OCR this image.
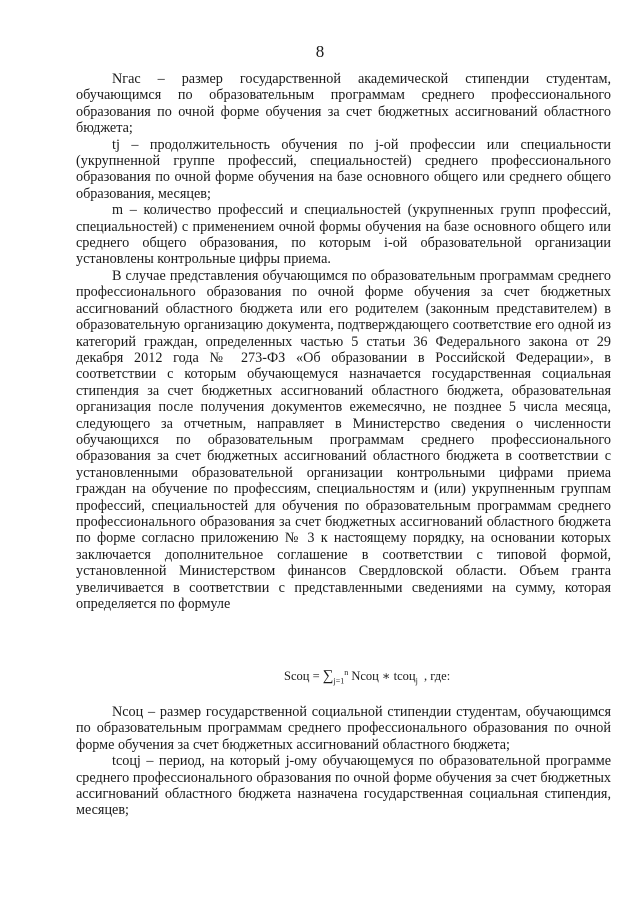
8

Nгас – размер государственной академической стипендии студентам, обучающимся по образовательным программам среднего профессионального образования по очной форме обучения за счет бюджетных ассигнований областного бюджета;

tj – продолжительность обучения по j-ой профессии или специальности (укрупненной группе профессий, специальностей) среднего профессионального образования по очной форме обучения на базе основного общего или среднего общего образования, месяцев;

m – количество профессий и специальностей (укрупненных групп профессий, специальностей) с применением очной формы обучения на базе основного общего или среднего общего образования, по которым i-ой образовательной организации установлены контрольные цифры приема.

В случае представления обучающимся по образовательным программам среднего профессионального образования по очной форме обучения за счет бюджетных ассигнований областного бюджета или его родителем (законным представителем) в образовательную организацию документа, подтверждающего соответствие его одной из категорий граждан, определенных частью 5 статьи 36 Федерального закона от 29 декабря 2012 года № 273-ФЗ «Об образовании в Российской Федерации», в соответствии с которым обучающемуся назначается государственная социальная стипендия за счет бюджетных ассигнований областного бюджета, образовательная организация после получения документов ежемесячно, не позднее 5 числа месяца, следующего за отчетным, направляет в Министерство сведения о численности обучающихся по образовательным программам среднего профессионального образования за счет бюджетных ассигнований областного бюджета в соответствии с установленными образовательной организации контрольными цифрами приема граждан на обучение по профессиям, специальностям и (или) укрупненным группам профессий, специальностей для обучения по образовательным программам среднего профессионального образования за счет бюджетных ассигнований областного бюджета по форме согласно приложению № 3 к настоящему порядку, на основании которых заключается дополнительное соглашение в соответствии с типовой формой, установленной Министерством финансов Свердловской области. Объем гранта увеличивается в соответствии с представленными сведениями на сумму, которая определяется по формуле

Sсоц = $\sum_{j=1}^n$ Nсоц ∗ tсоц$_j$ , где:

Nсоц – размер государственной социальной стипендии студентам, обучающимся по образовательным программам среднего профессионального образования по очной форме обучения за счет бюджетных ассигнований областного бюджета;

tсоцj – период, на который j-ому обучающемуся по образовательной программе среднего профессионального образования по очной форме обучения за счет бюджетных ассигнований областного бюджета назначена государственная социальная стипендия, месяцев;
